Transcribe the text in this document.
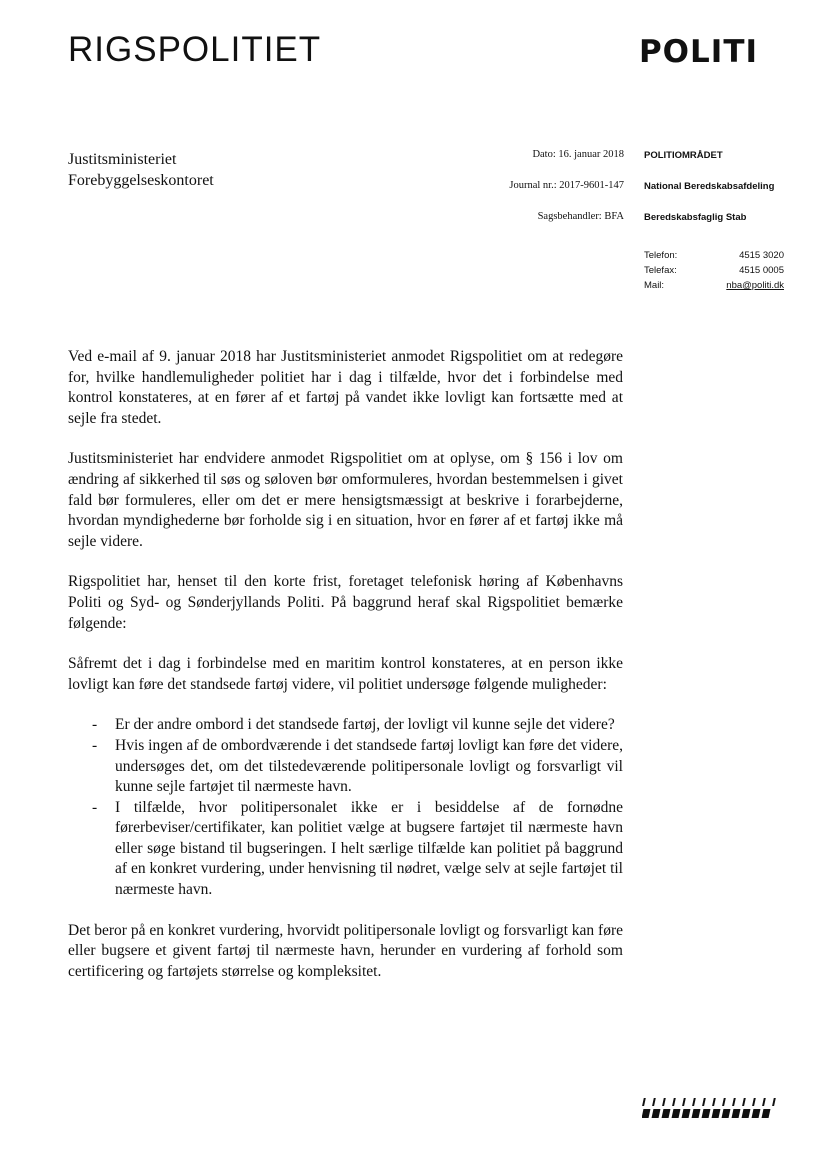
RIGSPOLITIET	POLITI
Justitsministeriet
Forebyggelseskontoret
Dato: 16. januar 2018
Journal nr.: 2017-9601-147
Sagsbehandler: BFA
POLITIOMRÅDET
National Beredskabsafdeling
Beredskabsfaglig Stab
Telefon:	4515 3020
Telefax:	4515 0005
Mail:	nba@politi.dk

Ved e-mail af 9. januar 2018 har Justitsministeriet anmodet Rigspolitiet om at redegøre for, hvilke handlemuligheder politiet har i dag i tilfælde, hvor det i forbindelse med kontrol konstateres, at en fører af et fartøj på vandet ikke lovligt kan fortsætte med at sejle fra stedet.

Justitsministeriet har endvidere anmodet Rigspolitiet om at oplyse, om § 156 i lov om ændring af sikkerhed til søs og søloven bør omformuleres, hvordan bestemmelsen i givet fald bør formuleres, eller om det er mere hensigtsmæssigt at beskrive i forarbejderne, hvordan myndighederne bør forholde sig i en situation, hvor en fører af et fartøj ikke må sejle videre.

Rigspolitiet har, henset til den korte frist, foretaget telefonisk høring af Københavns Politi og Syd- og Sønderjyllands Politi. På baggrund heraf skal Rigspolitiet bemærke følgende:

Såfremt det i dag i forbindelse med en maritim kontrol konstateres, at en person ikke lovligt kan føre det standsede fartøj videre, vil politiet undersøge følgende muligheder:

- Er der andre ombord i det standsede fartøj, der lovligt vil kunne sejle det videre?
- Hvis ingen af de ombordværende i det standsede fartøj lovligt kan føre det videre, undersøges det, om det tilstedeværende politipersonale lovligt og forsvarligt vil kunne sejle fartøjet til nærmeste havn.
- I tilfælde, hvor politipersonalet ikke er i besiddelse af de fornødne førerbeviser/certifikater, kan politiet vælge at bugsere fartøjet til nærmeste havn eller søge bistand til bugseringen. I helt særlige tilfælde kan politiet på baggrund af en konkret vurdering, under henvisning til nødret, vælge selv at sejle fartøjet til nærmeste havn.

Det beror på en konkret vurdering, hvorvidt politipersonale lovligt og forsvarligt kan føre eller bugsere et givent fartøj til nærmeste havn, herunder en vurdering af forhold som certificering og fartøjets størrelse og kompleksitet.
